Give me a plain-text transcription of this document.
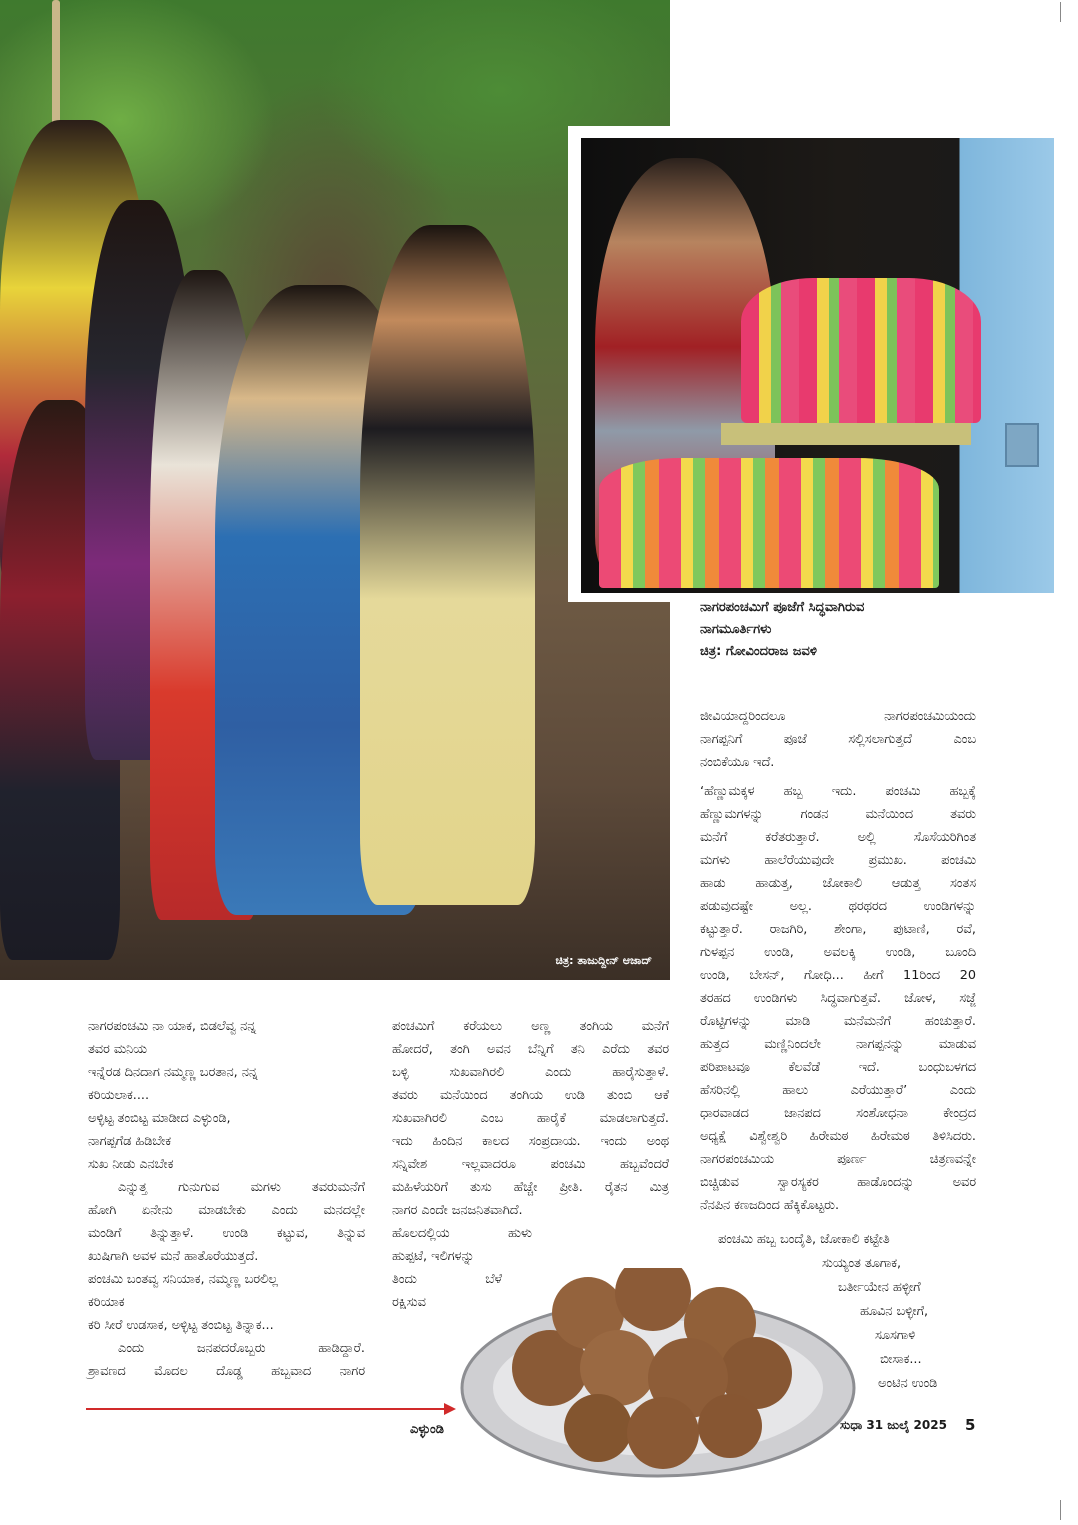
ಚಿತ್ರ: ತಾಜುದ್ದೀನ್ ಆಜಾದ್
ನಾಗರಪಂಚಮಿಗೆ ಪೂಜೆಗೆ ಸಿದ್ಧವಾಗಿರುವ
ನಾಗಮೂರ್ತಿಗಳು
ಚಿತ್ರ: ಗೋವಿಂದರಾಜ ಜವಳಿ
ಜೀವಿಯಾದ್ದರಿಂದಲೂ ನಾಗರಪಂಚಮಿಯಂದು
ನಾಗಪ್ಪನಿಗೆ ಪೂಜೆ ಸಲ್ಲಿಸಲಾಗುತ್ತದೆ ಎಂಬ
ನಂಬಿಕೆಯೂ ಇದೆ.
‘ಹೆಣ್ಣುಮಕ್ಕಳ ಹಬ್ಬ ಇದು. ಪಂಚಮಿ ಹಬ್ಬಕ್ಕೆ
ಹೆಣ್ಣುಮಗಳನ್ನು ಗಂಡನ ಮನೆಯಿಂದ ತವರು
ಮನೆಗೆ ಕರೆತರುತ್ತಾರೆ. ಅಲ್ಲಿ ಸೊಸೆಯರಿಗಿಂತ
ಮಗಳು ಹಾಲೆರೆಯುವುದೇ ಪ್ರಮುಖ. ಪಂಚಮಿ
ಹಾಡು ಹಾಡುತ್ತ, ಜೋಕಾಲಿ ಆಡುತ್ತ ಸಂತಸ
ಪಡುವುದಷ್ಟೇ ಅಲ್ಲ. ಥರಥರದ ಉಂಡಿಗಳನ್ನು
ಕಟ್ಟುತ್ತಾರೆ. ರಾಜಗಿರಿ, ಶೇಂಗಾ, ಪುಟಾಣಿ, ರವೆ,
ಗುಳಪ್ಪನ ಉಂಡಿ, ಅವಲಕ್ಕಿ ಉಂಡಿ, ಬೂಂದಿ
ಉಂಡಿ, ಬೇಸನ್, ಗೋಧಿ... ಹೀಗೆ 11ರಿಂದ 20
ತರಹದ ಉಂಡಿಗಳು ಸಿದ್ಧವಾಗುತ್ತವೆ. ಜೋಳ, ಸಜ್ಜೆ
ರೊಟ್ಟಿಗಳನ್ನು ಮಾಡಿ ಮನೆಮನೆಗೆ ಹಂಚುತ್ತಾರೆ.
ಹುತ್ತದ ಮಣ್ಣಿನಿಂದಲೇ ನಾಗಪ್ಪನನ್ನು ಮಾಡುವ
ಪರಿಪಾಟವೂ ಕೆಲವೆಡೆ ಇದೆ. ಬಂಧುಬಳಗದ
ಹೆಸರಿನಲ್ಲಿ ಹಾಲು ಎರೆಯುತ್ತಾರೆ’ ಎಂದು
ಧಾರವಾಡದ ಜಾನಪದ ಸಂಶೋಧನಾ ಕೇಂದ್ರದ
ಅಧ್ಯಕ್ಷೆ ವಿಶ್ವೇಶ್ವರಿ ಹಿರೇಮಠ ಹಿರೇಮಠ ತಿಳಿಸಿದರು.
ನಾಗರಪಂಚಮಿಯ ಪೂರ್ಣ ಚಿತ್ರಣವನ್ನೇ
ಬಿಚ್ಚಿಡುವ ಸ್ವಾರಸ್ಯಕರ ಹಾಡೊಂದನ್ನು ಅವರ
ನೆನಪಿನ ಕಣಜದಿಂದ ಹೆಕ್ಕಿಕೊಟ್ಟರು.
ನಾಗರಪಂಚಮಿ ನಾ ಯಾಕ, ಬಿಡಲೆವ್ವ ನನ್ನ
ತವರ ಮನಿಯ
ಇನ್ನೆರಡ ದಿನದಾಗ ನಮ್ಮಣ್ಣ ಬರತಾನ, ನನ್ನ
ಕರಿಯಲಾಕ....
ಅಳ್ಳಿಟ್ಟ ತಂಬಿಟ್ಟ ಮಾಡೀದ ಎಳ್ಳುಂಡಿ,
ನಾಗಪ್ಪಗೆಡ ಹಿಡಿಬೇಕ
ಸುಖ ನೀಡು ಎನಬೇಕ
ಎನ್ನುತ್ತ ಗುನುಗುವ ಮಗಳು ತವರುಮನೆಗೆ
ಹೋಗಿ ಏನೇನು ಮಾಡಬೇಕು ಎಂದು ಮನದಲ್ಲೇ
ಮಂಡಿಗೆ ತಿನ್ನುತ್ತಾಳೆ. ಉಂಡಿ ಕಟ್ಟುವ, ತಿನ್ನುವ
ಖುಷಿಗಾಗಿ ಅವಳ ಮನೆ ಹಾತೊರೆಯುತ್ತದೆ.
ಪಂಚಮಿ ಬಂತವ್ವ ಸನಿಯಾಕ, ನಮ್ಮಣ್ಣ ಬರಲಿಲ್ಲ
ಕರಿಯಾಕ
ಕರಿ ಸೀರೆ ಉಡಸಾಕ, ಅಳ್ಳಿಟ್ಟ ತಂಬಿಟ್ಟ ತಿನ್ನಾಕ...
ಎಂದು ಜನಪದರೊಬ್ಬರು ಹಾಡಿದ್ದಾರೆ.
ಶ್ರಾವಣದ ಮೊದಲ ದೊಡ್ಡ ಹಬ್ಬವಾದ ನಾಗರ
ಪಂಚಮಿಗೆ ಕರೆಯಲು ಅಣ್ಣ ತಂಗಿಯ ಮನೆಗೆ
ಹೋದರೆ, ತಂಗಿ ಅವನ ಬೆನ್ನಿಗೆ ತನಿ ಎರೆದು ತವರ
ಬಳ್ಳಿ ಸುಖವಾಗಿರಲಿ ಎಂದು ಹಾರೈಸುತ್ತಾಳೆ.
ತವರು ಮನೆಯಿಂದ ತಂಗಿಯ ಉಡಿ ತುಂಬಿ ಆಕೆ
ಸುಖವಾಗಿರಲಿ ಎಂಬ ಹಾರೈಕೆ ಮಾಡಲಾಗುತ್ತದೆ.
ಇದು ಹಿಂದಿನ ಕಾಲದ ಸಂಪ್ರದಾಯ. ಇಂದು ಅಂಥ
ಸನ್ನಿವೇಶ ಇಲ್ಲವಾದರೂ ಪಂಚಮಿ ಹಬ್ಬವೆಂದರೆ
ಮಹಿಳೆಯರಿಗೆ ತುಸು ಹೆಚ್ಚೇ ಪ್ರೀತಿ. ರೈತನ ಮಿತ್ರ
ನಾಗರ ಎಂದೇ ಜನಜನಿತವಾಗಿದೆ.
ಹೊಲದಲ್ಲಿಯ ಹುಳು
ಹುಪ್ಪಟೆ, ಇಲಿಗಳನ್ನು
ತಿಂದು ಬೆಳೆ
ರಕ್ಷಿಸುವ
ಪಂಚಮಿ ಹಬ್ಬ ಬಂದೈತಿ, ಜೋಕಾಲಿ ಕಟ್ಟೇತಿ
ಸುಯ್ಯಂತ ತೂಗಾಕ,
ಬರ್ತೀಯೇನ ಹಳ್ಳೀಗೆ
ಹೂವಿನ ಬಳ್ಳೀಗೆ,
ಸೂಸಗಾಳಿ
ಬೀಸಾಕ...
ಅಂಟಿನ ಉಂಡಿ
ಎಳ್ಳುಂಡಿ	ಸುಧಾ 31 ಜುಲೈ 2025 5
